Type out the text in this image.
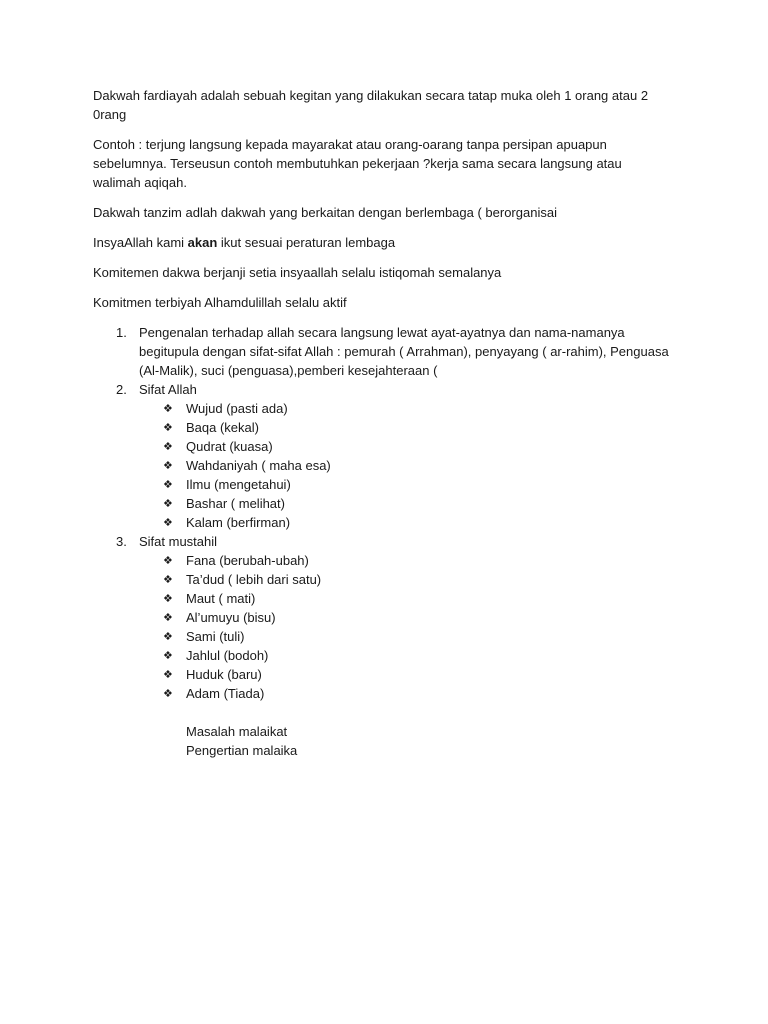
Dakwah fardiayah adalah sebuah kegitan yang dilakukan secara tatap muka oleh 1 orang atau 2 0rang

Contoh : terjung langsung kepada mayarakat atau orang-oarang tanpa persipan apuapun sebelumnya. Terseusun contoh membutuhkan pekerjaan ?kerja sama secara langsung atau walimah aqiqah.

Dakwah tanzim adlah dakwah yang berkaitan dengan berlembaga ( berorganisai

InsyaAllah kami akan ikut sesuai peraturan lembaga

Komitemen dakwa berjanji setia insyaallah selalu istiqomah semalanya

Komitmen terbiyah Alhamdulillah selalu aktif

1. Pengenalan terhadap allah secara langsung lewat ayat-ayatnya dan nama-namanya begitupula dengan sifat-sifat Allah : pemurah ( Arrahman), penyayang ( ar-rahim), Penguasa (Al-Malik), suci (penguasa),pemberi kesejahteraan (
2. Sifat Allah
❖ Wujud (pasti ada)
❖ Baqa (kekal)
❖ Qudrat (kuasa)
❖ Wahdaniyah ( maha esa)
❖ Ilmu (mengetahui)
❖ Bashar ( melihat)
❖ Kalam (berfirman)
3. Sifat mustahil
❖ Fana (berubah-ubah)
❖ Ta’dud ( lebih dari satu)
❖ Maut ( mati)
❖ Al’umuyu (bisu)
❖ Sami (tuli)
❖ Jahlul (bodoh)
❖ Huduk (baru)
❖ Adam (Tiada)
Masalah malaikat
Pengertian malaika
